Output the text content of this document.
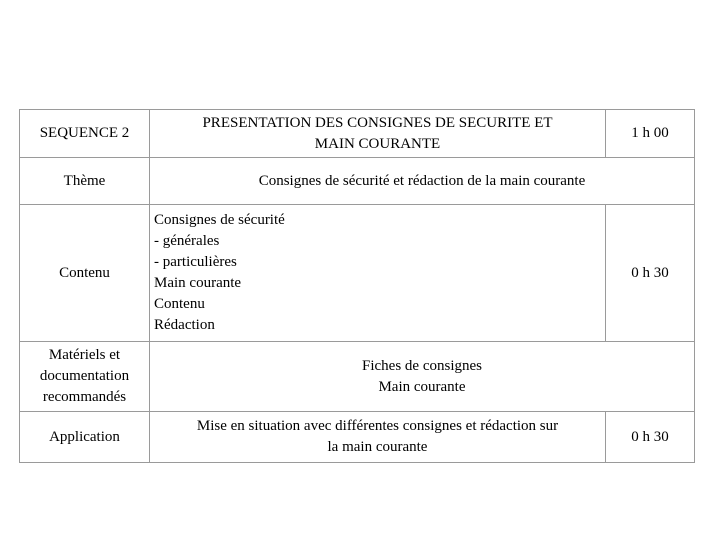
SEQUENCE 2
PRESENTATION DES CONSIGNES DE SECURITE ET
MAIN COURANTE
1 h 00
Thème	Consignes de sécurité et rédaction de la main courante
Contenu
Consignes de sécurité
- générales
- particulières
Main courante
Contenu
Rédaction
0 h 30
Matériels et
documentation
recommandés
Fiches de consignes
Main courante
Application
Mise en situation avec différentes consignes et rédaction sur
la main courante
0 h 30
